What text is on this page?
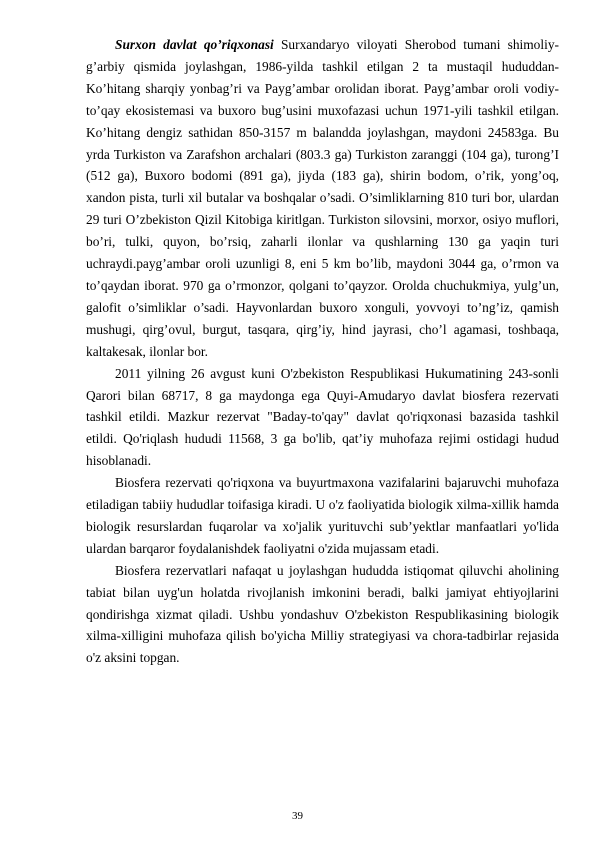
Surxon davlat qo’riqxonasi Surxandaryo viloyati Sherobod tumani shimoliy-g’arbiy qismida joylashgan, 1986-yilda tashkil etilgan 2 ta mustaqil hududdan- Ko’hitang sharqiy yonbag’ri va Payg’ambar orolidan iborat. Payg’ambar oroli vodiy-to’qay ekosistemasi va buxoro bug’usini muxofazasi uchun 1971-yili tashkil etilgan. Ko’hitang dengiz sathidan 850-3157 m balandda joylashgan, maydoni 24583ga. Bu yrda Turkiston va Zarafshon archalari (803.3 ga) Turkiston zaranggi (104 ga), turong’I (512 ga), Buxoro bodomi (891 ga), jiyda (183 ga), shirin bodom, o’rik, yong’oq, xandon pista, turli xil butalar va boshqalar o’sadi. O’simliklarning 810 turi bor, ulardan 29 turi O’zbekiston Qizil Kitobiga kiritlgan. Turkiston silovsini, morxor, osiyo muflori, bo’ri, tulki, quyon, bo’rsiq, zaharli ilonlar va qushlarning 130 ga yaqin turi uchraydi.payg’ambar oroli uzunligi 8, eni 5 km bo’lib, maydoni 3044 ga, o’rmon va to’qaydan iborat. 970 ga o’rmonzor, qolgani to’qayzor. Orolda chuchukmiya, yulg’un, galofit o’simliklar o’sadi. Hayvonlardan buxoro xonguli, yovvoyi to’ng’iz, qamish mushugi, qirg’ovul, burgut, tasqara, qirg’iy, hind jayrasi, cho’l agamasi, toshbaqa, kaltakesak, ilonlar bor.

2011 yilning 26 avgust kuni O'zbekiston Respublikasi Hukumatining 243-sonli Qarori bilan 68717, 8 ga maydonga ega Quyi-Amudaryo davlat biosfera rezervati tashkil etildi. Mazkur rezervat "Baday-to'qay" davlat qo'riqxonasi bazasida tashkil etildi. Qo'riqlash hududi 11568, 3 ga bo'lib, qat’iy muhofaza rejimi ostidagi hudud hisoblanadi.

Biosfera rezervati qo'riqxona va buyurtmaxona vazifalarini bajaruvchi muhofaza etiladigan tabiiy hududlar toifasiga kiradi. U o'z faoliyatida biologik xilma-xillik hamda biologik resurslardan fuqarolar va xo'jalik yurituvchi sub’yektlar manfaatlari yo'lida ulardan barqaror foydalanishdek faoliyatni o'zida mujassam etadi.

Biosfera rezervatlari nafaqat u joylashgan hududda istiqomat qiluvchi aholining tabiat bilan uyg'un holatda rivojlanish imkonini beradi, balki jamiyat ehtiyojlarini qondirishga xizmat qiladi. Ushbu yondashuv O'zbekiston Respublikasining biologik xilma-xilligini muhofaza qilish bo'yicha Milliy strategiyasi va chora-tadbirlar rejasida o'z aksini topgan.

39
